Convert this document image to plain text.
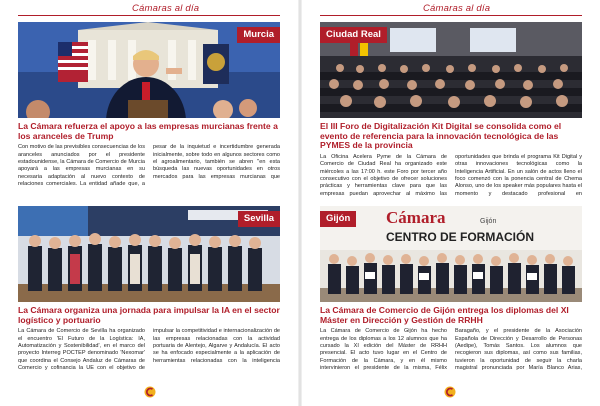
Cámaras al día
Murcia
La Cámara refuerza el apoyo a las empresas murcianas frente a los aranceles de Trump
Con motivo de las previsibles consecuencias de los aranceles anunciados por el presidente estadounidense, la Cámara de Comercio de Murcia apoyará a las empresas murcianas en su necesaria adaptación al nuevo contexto de relaciones comerciales. La entidad añade que, a pesar de la inquietud e incertidumbre generada inicialmente, sobre todo en algunos sectores como el agroalimentario, también se abren "en esta búsqueda las nuevas oportunidades en otros mercados para las empresas murcianas que
Sevilla
La Cámara organiza una jornada para impulsar la IA en el sector logístico y portuario
La Cámara de Comercio de Sevilla ha organizado el encuentro 'El Futuro de la Logística: IA, Automatización y Sostenibilidad', en el marco del proyecto Interreg POCTEP denominado 'Nexomar' que coordina el Consejo Andaluz de Cámaras de Comercio y cofinancia la UE con el objetivo de impulsar la competitividad e internacionalización de las empresas relacionadas con la actividad portuaria de Alentejo, Algarve y Andalucía. El acto se ha enfocado especialmente a la aplicación de herramientas relacionadas con la inteligencia
Cámaras al día
Ciudad Real
El III Foro de Digitalización Kit Digital se consolida como el evento de referencia para la innovación tecnológica de las PYMES de la provincia
La Oficina Acelera Pyme de la Cámara de Comercio de Ciudad Real ha organizado este miércoles a las 17:00 h. este Foro por tercer año consecutivo con el objetivo de ofrecer soluciones prácticas y herramientas clave para que las empresas puedan aprovechar al máximo las oportunidades que brinda el programa Kit Digital y otras innovaciones tecnológicas como la Inteligencia Artificial. En un salón de actos lleno el foco comenzó con la ponencia central de Chema Alonso, uno de los speaker más populares hasta el momento y destacado profesional en
Cámara	Gijón
CENTRO DE FORMACIÓN
Gijón
La Cámara de Comercio de Gijón entrega los diplomas del XI Máster en Dirección y Gestión de RRHH
La Cámara de Comercio de Gijón ha hecho entrega de los diplomas a los 12 alumnos que ha cursado la XI edición del Máster de RRHH presencial. El acto tuvo lugar en el Centro de Formación de la Cámara, y en él mismo intervinieron el presidente de la misma, Félix Baragaño, y el presidente de la Asociación Española de Dirección y Desarrollo de Personas (Aedipe), Tomás Santos. Los alumnos que recogieron sus diplomas, así como sus familias, tuvieron la oportunidad de seguir la charla magistral pronunciada por María Blanco Arias,
